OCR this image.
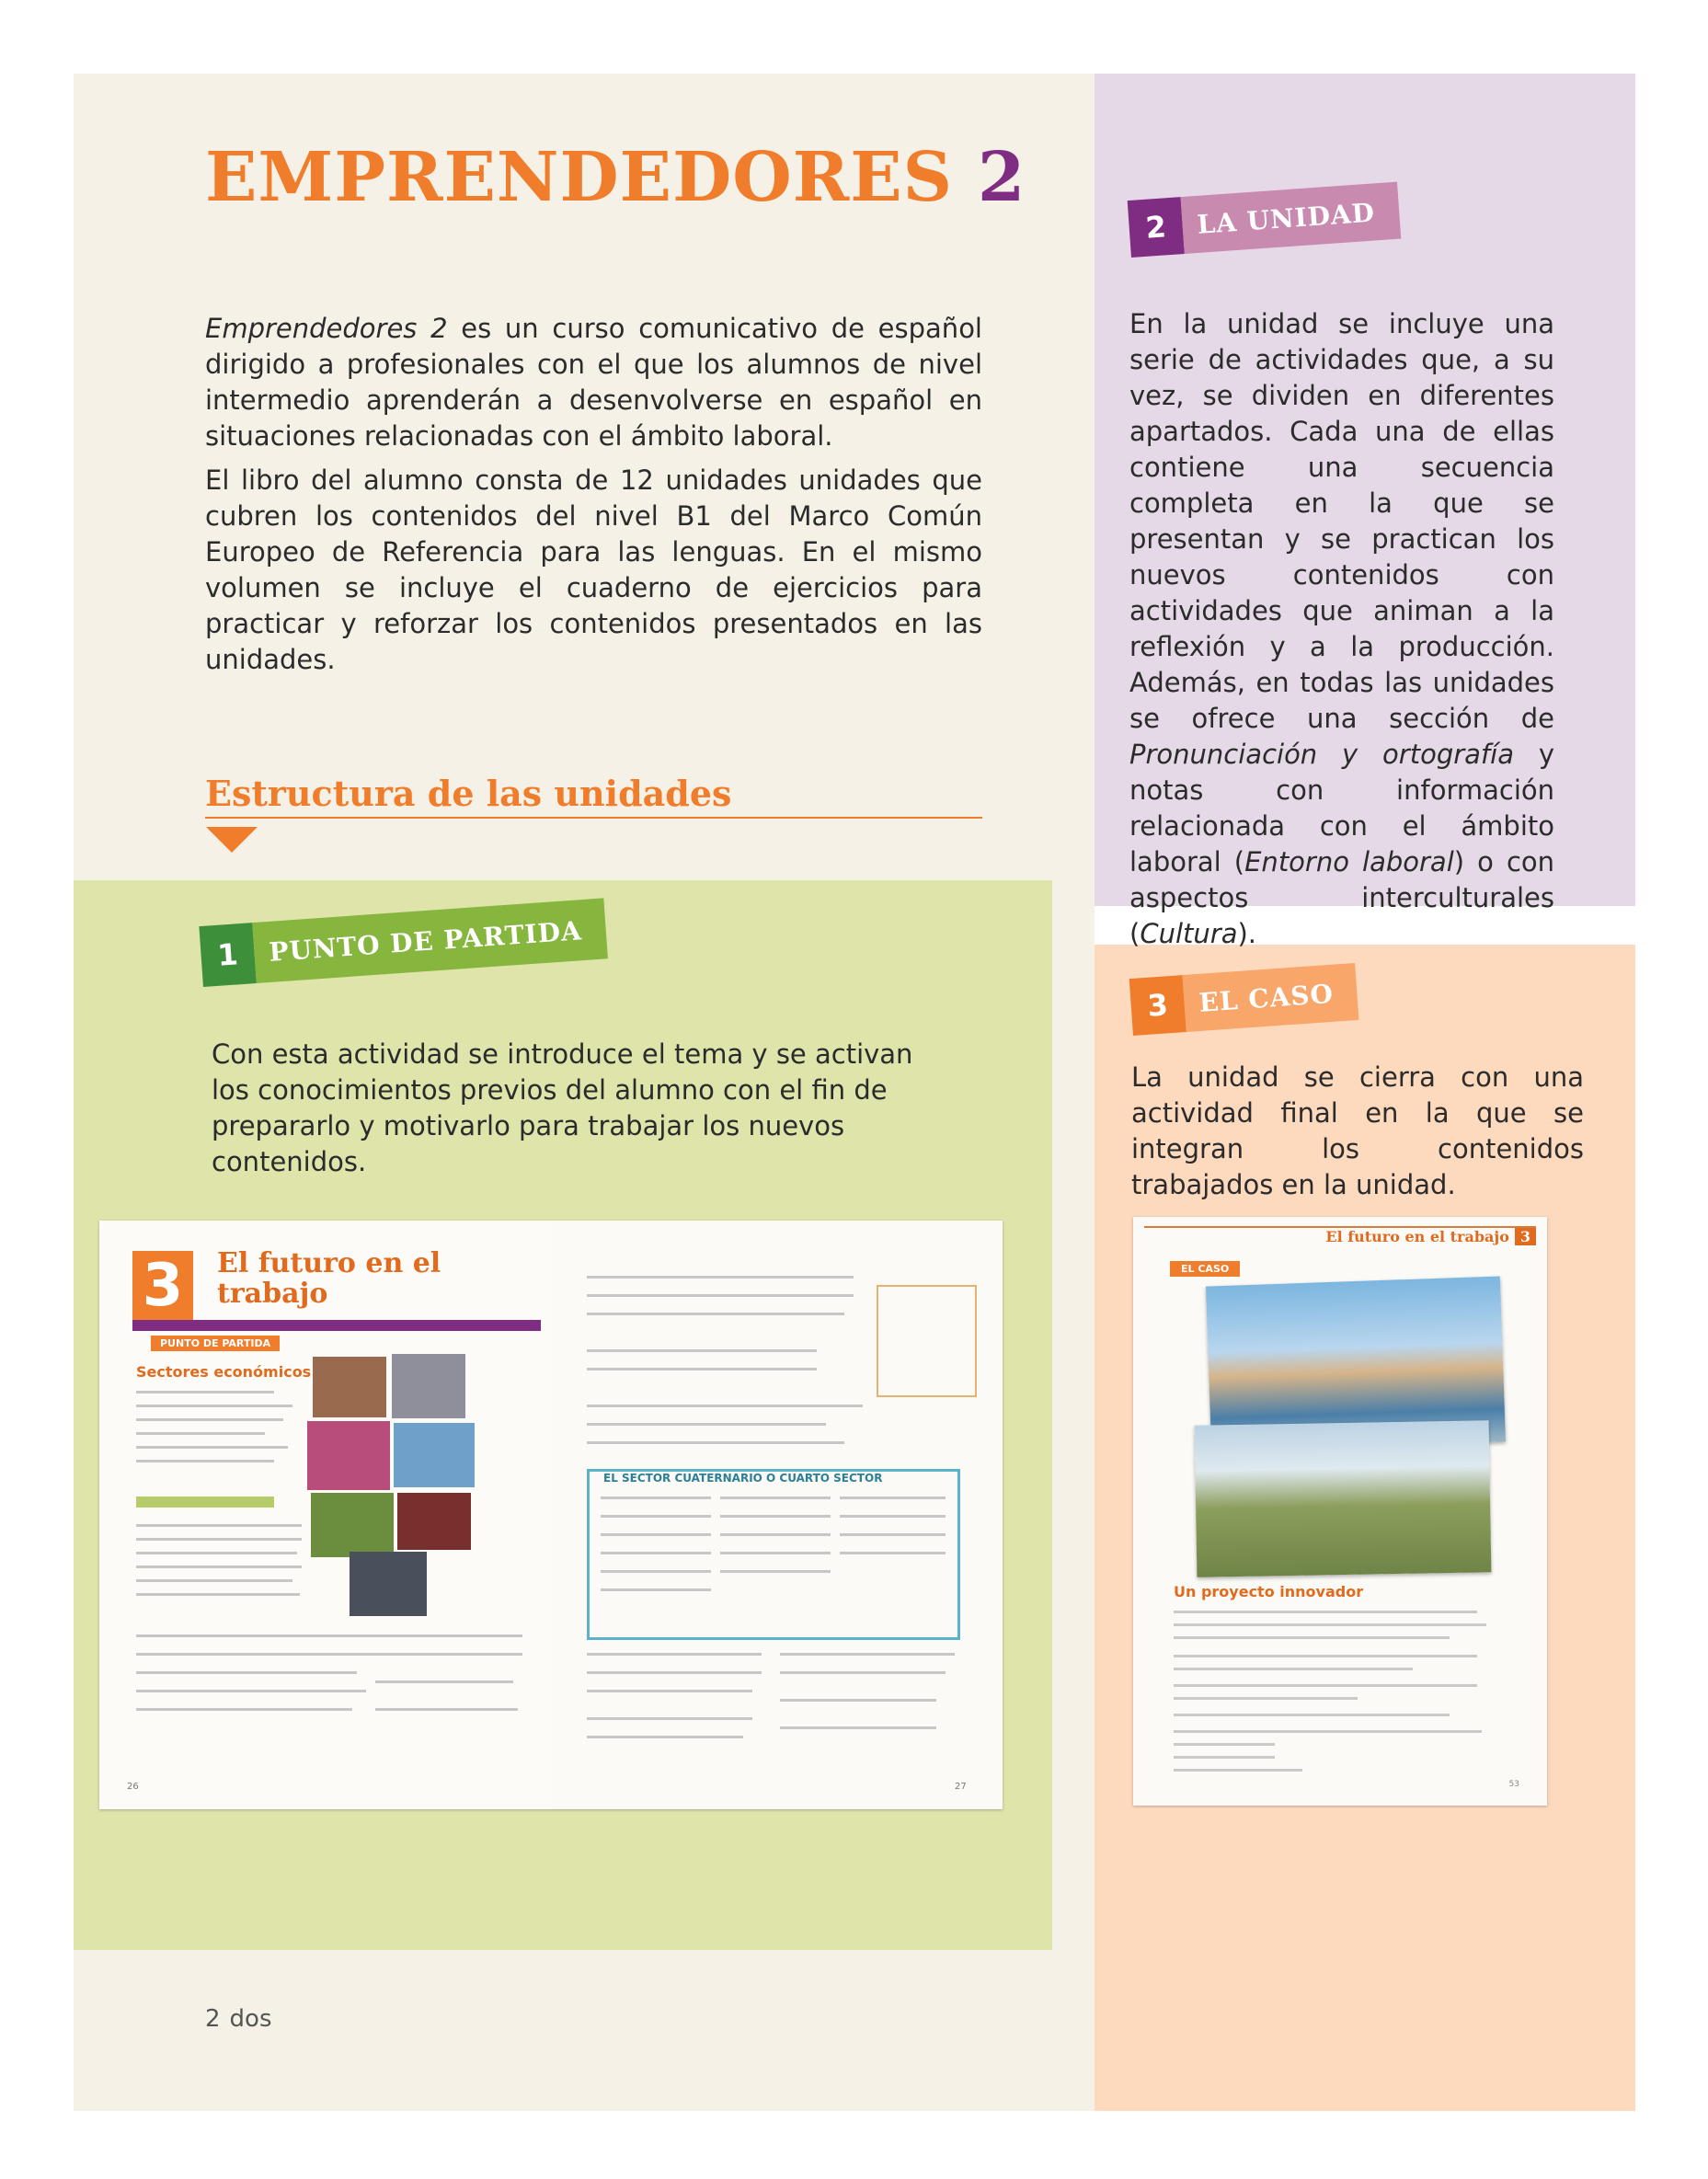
EMPRENDEDORES 2

Emprendedores 2 es un curso comunicativo de español dirigido a profesionales con el que los alumnos de nivel intermedio aprenderán a desenvolverse en español en situaciones relacionadas con el ámbito laboral.

El libro del alumno consta de 12 unidades unidades que cubren los contenidos del nivel B1 del Marco Común Europeo de Referencia para las lenguas. En el mismo volumen se incluye el cuaderno de ejercicios para practicar y reforzar los contenidos presentados en las unidades.

Estructura de las unidades
2	LA UNIDAD

En la unidad se incluye una serie de actividades que, a su vez, se dividen en diferentes apartados. Cada una de ellas contiene una secuencia completa en la que se presentan y se practican los nuevos contenidos con actividades que animan a la reflexión y a la producción. Además, en todas las unidades se ofrece una sección de Pronunciación y ortografía y notas con información relacionada con el ámbito laboral (Entorno laboral) o con aspectos interculturales (Cultura).

1	PUNTO DE PARTIDA
Con esta actividad se introduce el tema y se activan los conocimientos previos del alumno con el fin de prepararlo y motivarlo para trabajar los nuevos contenidos.
3	EL CASO
La unidad se cierra con una actividad final en la que se integran los contenidos trabajados en la unidad.
3	El futuro en el trabajo
PUNTO DE PARTIDA
Sectores económicos
26
EL SECTOR CUATERNARIO O CUARTO SECTOR
27
El futuro en el trabajo 3
EL CASO
Un proyecto innovador
53
2 dos
